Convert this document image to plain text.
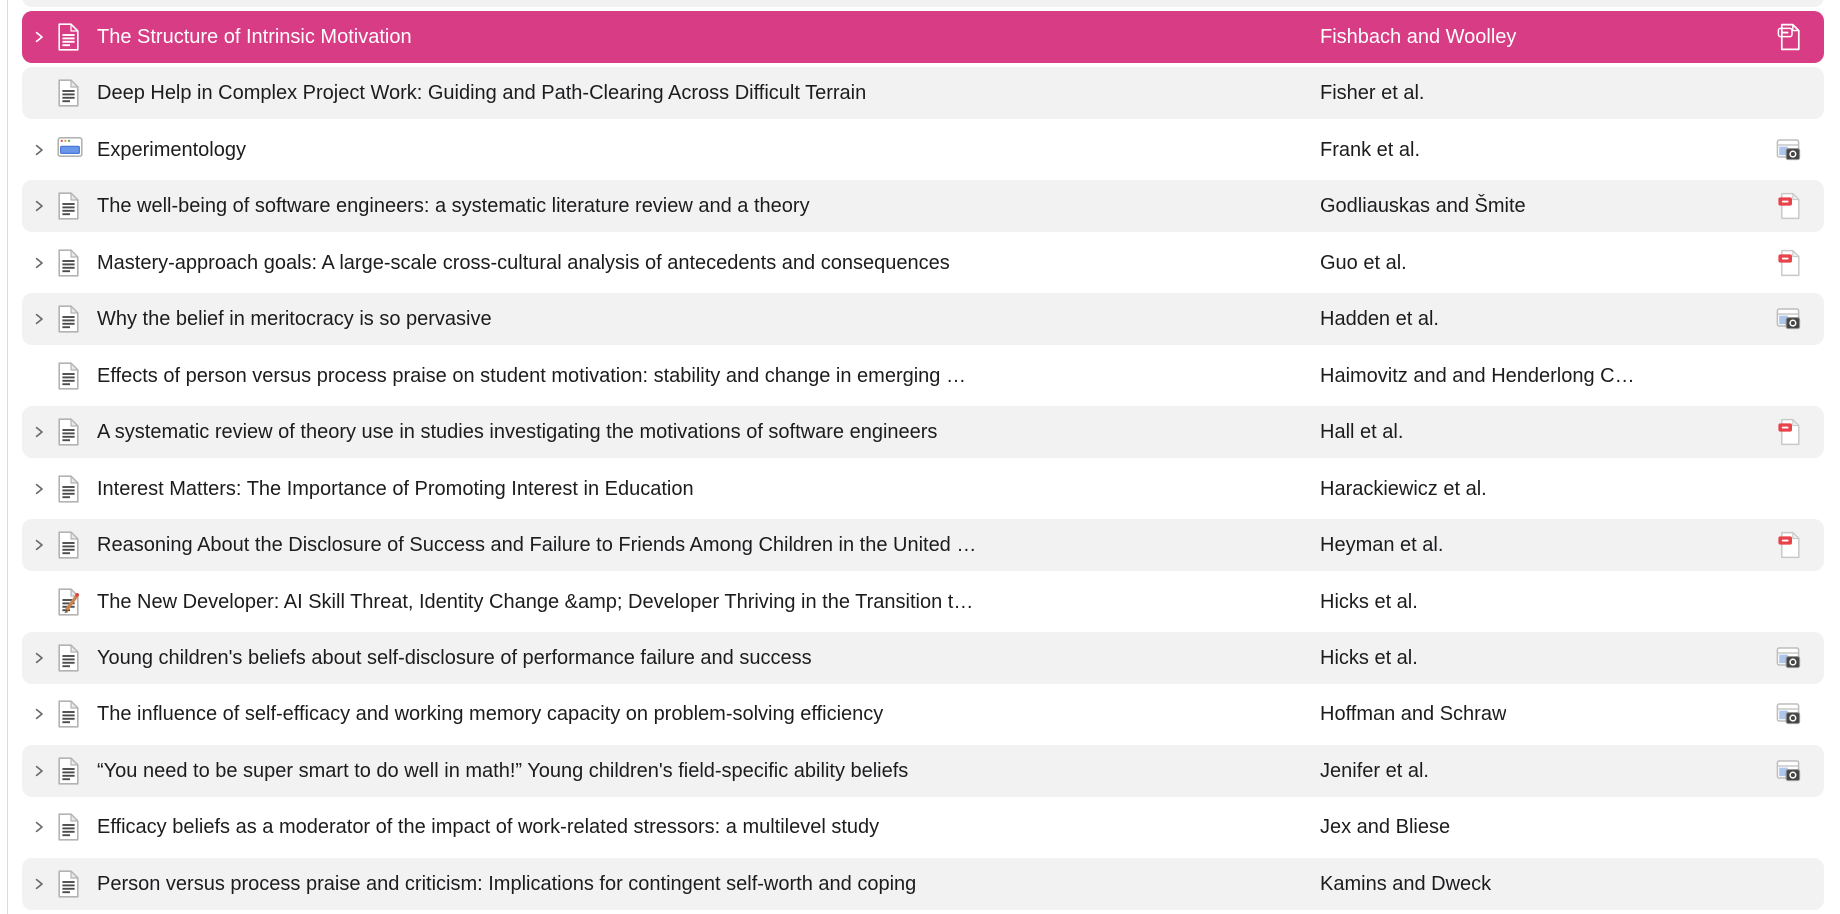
The Structure of Intrinsic Motivation	Fishbach and Woolley
Deep Help in Complex Project Work: Guiding and Path-Clearing Across Difficult Terrain	Fisher et al.
Experimentology	Frank et al.
The well-being of software engineers: a systematic literature review and a theory	Godliauskas and Šmite
Mastery-approach goals: A large-scale cross-cultural analysis of antecedents and consequences	Guo et al.
Why the belief in meritocracy is so pervasive	Hadden et al.
Effects of person versus process praise on student motivation: stability and change in emerging …	Haimovitz and and Henderlong C…
A systematic review of theory use in studies investigating the motivations of software engineers	Hall et al.
Interest Matters: The Importance of Promoting Interest in Education	Harackiewicz et al.
Reasoning About the Disclosure of Success and Failure to Friends Among Children in the United …	Heyman et al.
The New Developer: AI Skill Threat, Identity Change &amp; Developer Thriving in the Transition t…	Hicks et al.
Young children's beliefs about self-disclosure of performance failure and success	Hicks et al.
The influence of self-efficacy and working memory capacity on problem-solving efficiency	Hoffman and Schraw
“You need to be super smart to do well in math!” Young children's field-specific ability beliefs	Jenifer et al.
Efficacy beliefs as a moderator of the impact of work-related stressors: a multilevel study	Jex and Bliese
Person versus process praise and criticism: Implications for contingent self-worth and coping	Kamins and Dweck
